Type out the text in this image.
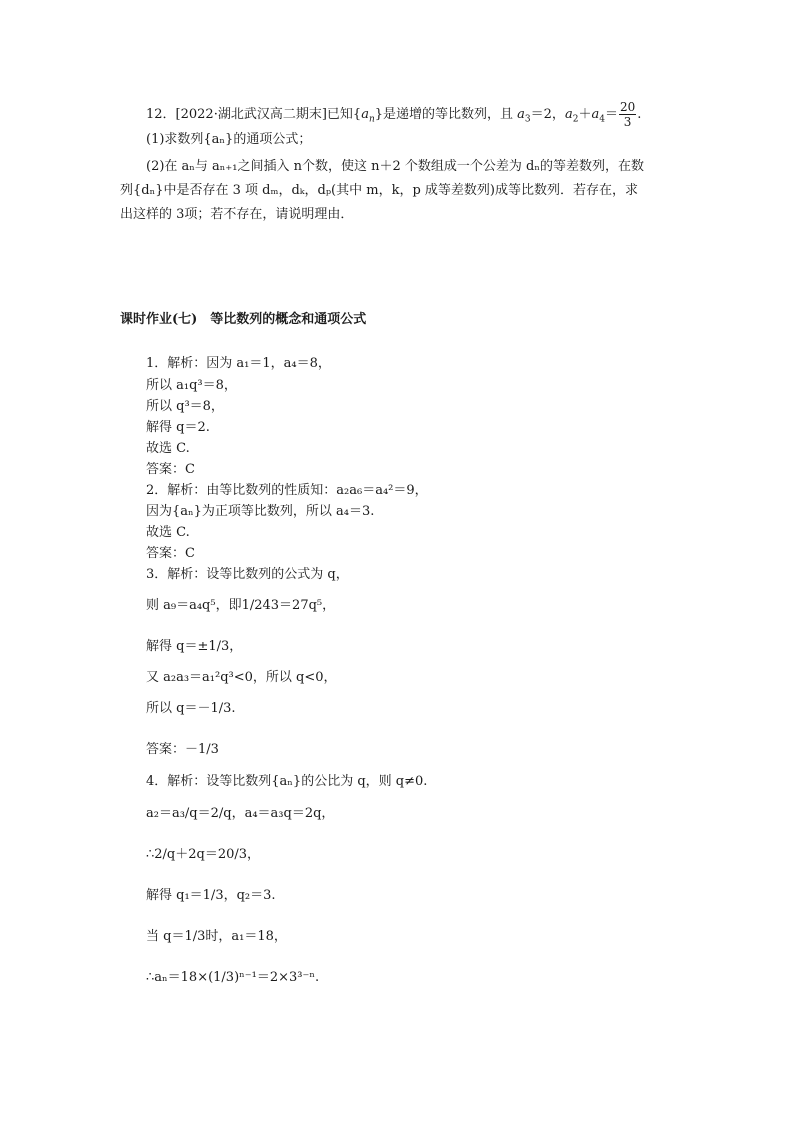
12．[2022·湖北武汉高二期末]已知$\{a_n\}$是递增的等比数列，且 $a_3=2$，$a_2+a_4= \frac{20}{3}$ .
(1)求数列{aₙ}的通项公式；
(2)在 aₙ与 aₙ₊₁之间插入 n个数，使这 n＋2 个数组成一个公差为 dₙ的等差数列，在数
列{dₙ}中是否存在 3 项 dₘ，dₖ，dₚ(其中 m，k，p 成等差数列)成等比数列．若存在，求
出这样的 3项；若不存在，请说明理由．
课时作业(七)　等比数列的概念和通项公式
1．解析：因为 a₁＝1，a₄＝8，
所以 a₁q³＝8，
所以 q³＝8，
解得 q＝2.
故选 C.
答案：C
2．解析：由等比数列的性质知：a₂a₆＝a₄²＝9，
因为{aₙ}为正项等比数列，所以 a₄＝3.
故选 C.
答案：C
3．解析：设等比数列的公式为 q，
则 a₉＝a₄q⁵，即1/243＝27q⁵，
解得 q＝±1/3，
又 a₂a₃＝a₁²q³<0，所以 q<0，
所以 q＝－1/3.
答案：－1/3
4．解析：设等比数列{aₙ}的公比为 q，则 q≠0.
a₂＝a₃/q＝2/q，a₄＝a₃q＝2q，
∴2/q＋2q＝20/3，
解得 q₁＝1/3，q₂＝3.
当 q＝1/3时，a₁＝18，
∴aₙ＝18×(1/3)ⁿ⁻¹＝2×3³⁻ⁿ.
